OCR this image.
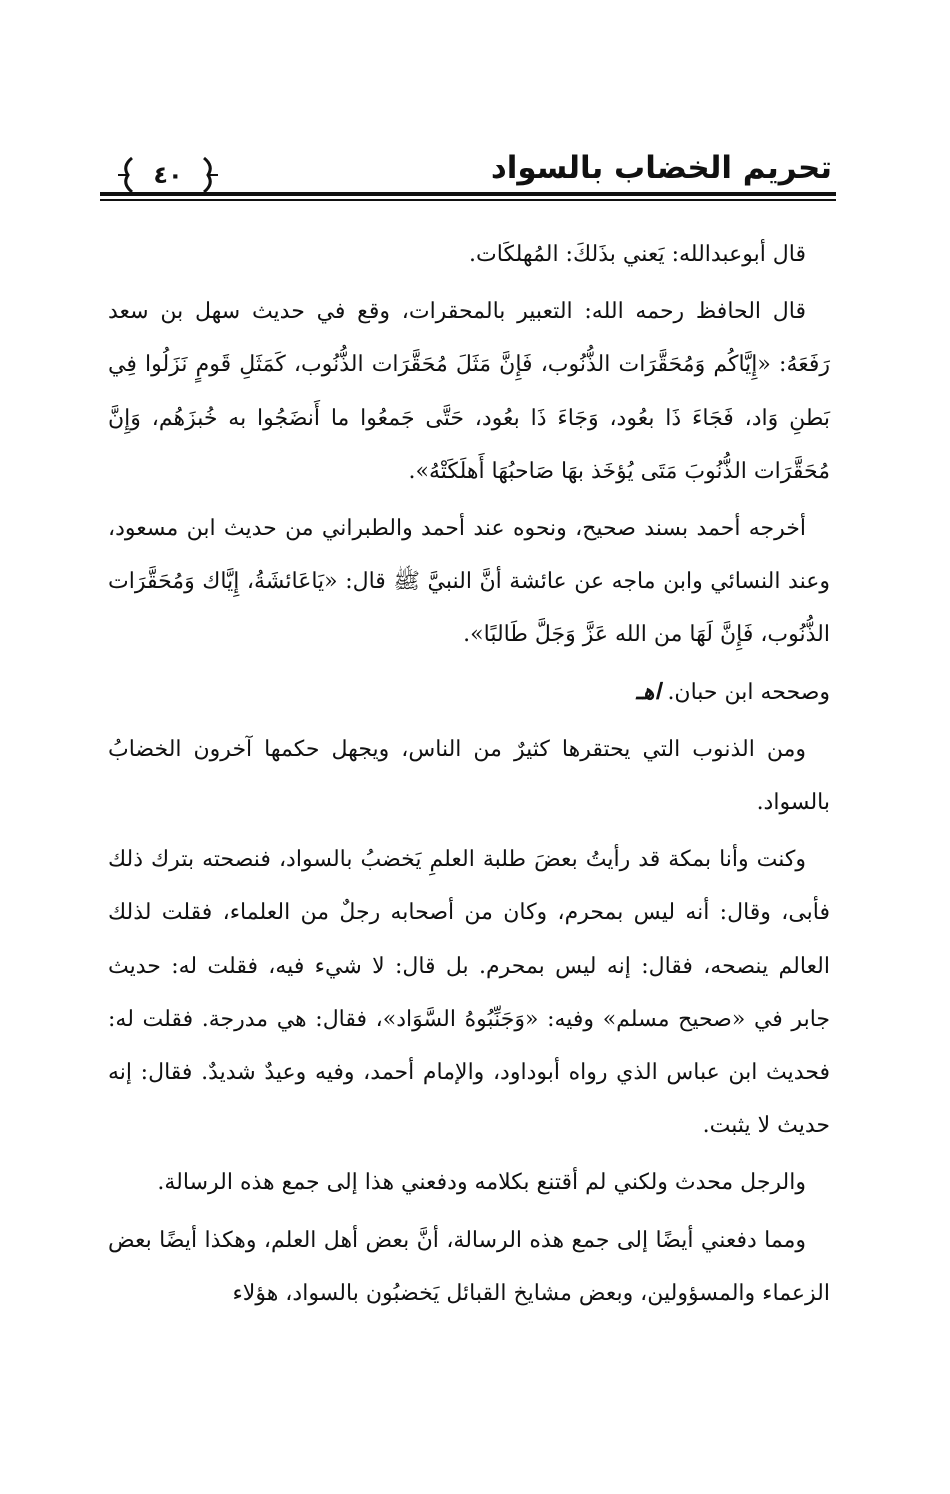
تحريم الخضاب بالسواد
٤٠

قال أبوعبدالله: يَعني بذَلكَ: المُهلكَات.

قال الحافظ رحمه الله: التعبير بالمحقرات، وقع في حديث سهل بن سعد رَفَعَهُ: «إِيَّاكُم وَمُحَقَّرَات الذُّنُوب، فَإِنَّ مَثَلَ مُحَقَّرَات الذُّنُوب، كَمَثَلِ قَومٍ نَزَلُوا فِي بَطنِ وَاد، فَجَاءَ ذَا بعُود، وَجَاءَ ذَا بعُود، حَتَّى جَمعُوا ما أَنضَجُوا به خُبزَهُم، وَإِنَّ مُحَقَّرَات الذُّنُوبَ مَتَى يُؤخَذ بهَا صَاحبُهَا أَهلَكَتْهُ».

أخرجه أحمد بسند صحيح، ونحوه عند أحمد والطبراني من حديث ابن مسعود، وعند النسائي وابن ماجه عن عائشة أنَّ النبيَّ ﷺ قال: «يَاعَائشَةُ، إِيَّاك وَمُحَقَّرَات الذُّنُوب، فَإِنَّ لَهَا من الله عَزَّ وَجَلَّ طَالبًا».

وصححه ابن حبان. اهـ

ومن الذنوب التي يحتقرها كثيرٌ من الناس، ويجهل حكمها آخرون الخضابُ بالسواد.

وكنت وأنا بمكة قد رأيتُ بعضَ طلبة العلمِ يَخضبُ بالسواد، فنصحته بترك ذلك فأبى، وقال: أنه ليس بمحرم، وكان من أصحابه رجلٌ من العلماء، فقلت لذلك العالم ينصحه، فقال: إنه ليس بمحرم. بل قال: لا شيء فيه، فقلت له: حديث جابر في «صحيح مسلم» وفيه: «وَجَنِّبُوهُ السَّوَاد»، فقال: هي مدرجة. فقلت له: فحديث ابن عباس الذي رواه أبوداود، والإمام أحمد، وفيه وعيدٌ شديدٌ. فقال: إنه حديث لا يثبت.

والرجل محدث ولكني لم أقتنع بكلامه ودفعني هذا إلى جمع هذه الرسالة.

ومما دفعني أيضًا إلى جمع هذه الرسالة، أنَّ بعض أهل العلم، وهكذا أيضًا بعض الزعماء والمسؤولين، وبعض مشايخ القبائل يَخضبُون بالسواد، هؤلاء
